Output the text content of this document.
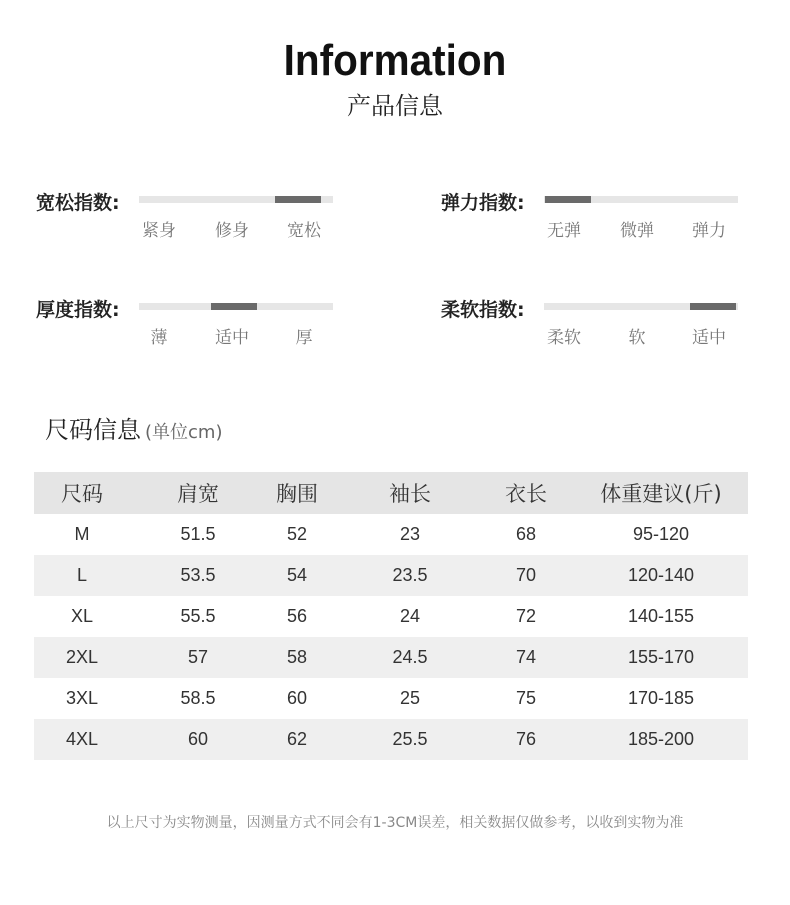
Information
产品信息
宽松指数:
紧身	修身	宽松
弹力指数:
无弹	微弹	弹力
厚度指数:
薄	适中	厚
柔软指数:
柔软	软	适中
尺码信息 (单位cm)
尺码	肩宽	胸围	袖长	衣长	体重建议(斤)
M	51.5	52	23	68	95-120
L	53.5	54	23.5	70	120-140
XL	55.5	56	24	72	140-155
2XL	57	58	24.5	74	155-170
3XL	58.5	60	25	75	170-185
4XL	60	62	25.5	76	185-200
以上尺寸为实物测量，因测量方式不同会有1-3CM误差，相关数据仅做参考，以收到实物为准
